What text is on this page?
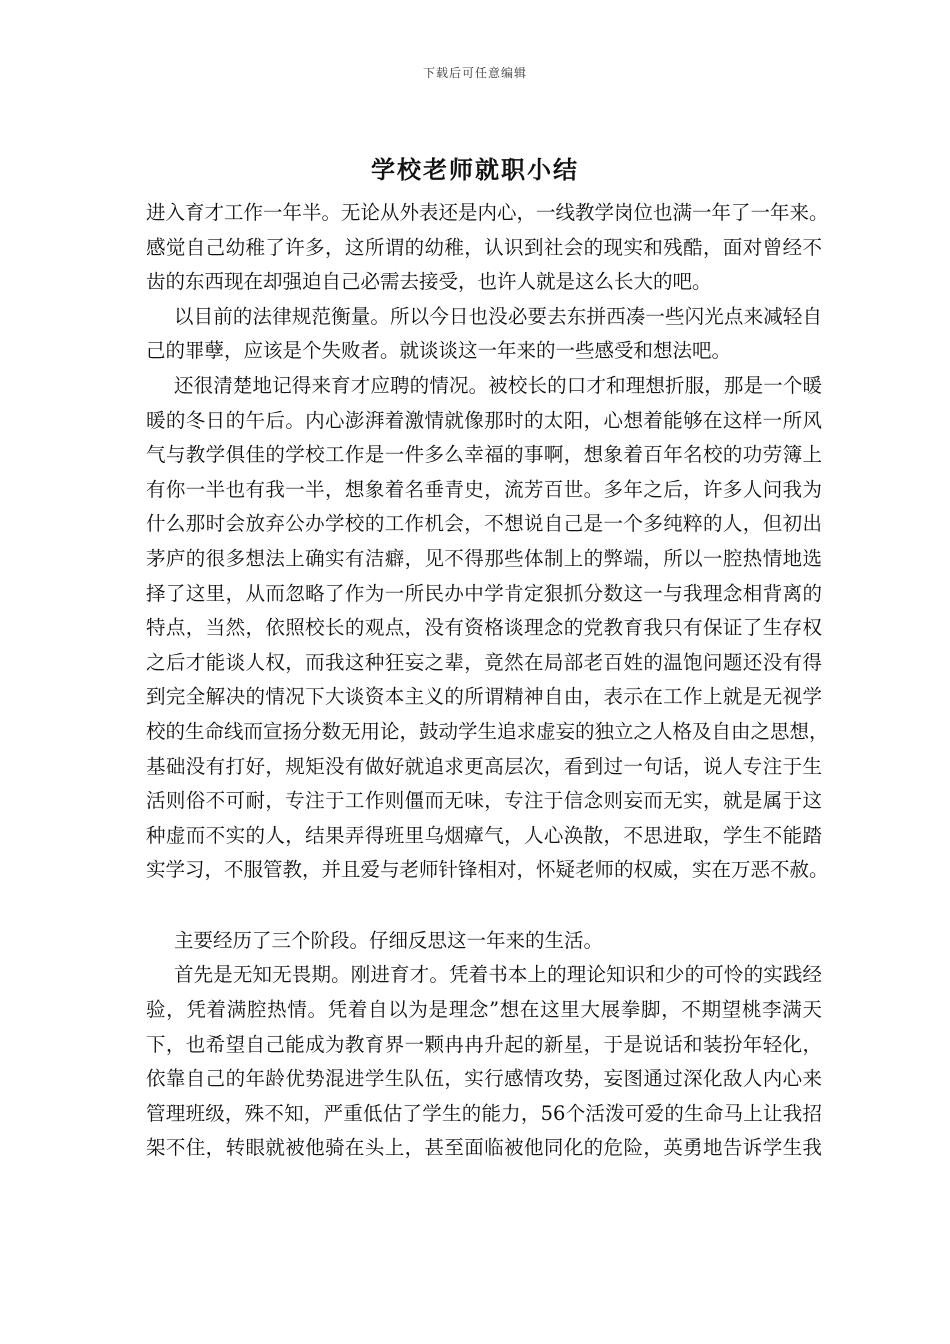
下载后可任意编辑
学校老师就职小结
进入育才工作一年半。无论从外表还是内心，一线教学岗位也满一年了一年来。
感觉自己幼稚了许多，这所谓的幼稚，认识到社会的现实和残酷，面对曾经不
齿的东西现在却强迫自己必需去接受，也许人就是这么长大的吧。
以目前的法律规范衡量。所以今日也没必要去东拼西凑一些闪光点来减轻自
己的罪孽，应该是个失败者。就谈谈这一年来的一些感受和想法吧。
还很清楚地记得来育才应聘的情况。被校长的口才和理想折服，那是一个暖
暖的冬日的午后。内心澎湃着激情就像那时的太阳，心想着能够在这样一所风
气与教学俱佳的学校工作是一件多么幸福的事啊，想象着百年名校的功劳簿上
有你一半也有我一半，想象着名垂青史，流芳百世。多年之后，许多人问我为
什么那时会放弃公办学校的工作机会，不想说自己是一个多纯粹的人，但初出
茅庐的很多想法上确实有洁癖，见不得那些体制上的弊端，所以一腔热情地选
择了这里，从而忽略了作为一所民办中学肯定狠抓分数这一与我理念相背离的
特点，当然，依照校长的观点，没有资格谈理念的党教育我只有保证了生存权
之后才能谈人权，而我这种狂妄之辈，竟然在局部老百姓的温饱问题还没有得
到完全解决的情况下大谈资本主义的所谓精神自由，表示在工作上就是无视学
校的生命线而宣扬分数无用论，鼓动学生追求虚妄的独立之人格及自由之思想，
基础没有打好，规矩没有做好就追求更高层次，看到过一句话，说人专注于生
活则俗不可耐，专注于工作则僵而无味，专注于信念则妄而无实，就是属于这
种虚而不实的人，结果弄得班里乌烟瘴气，人心涣散，不思进取，学生不能踏
实学习，不服管教，并且爱与老师针锋相对，怀疑老师的权威，实在万恶不赦。
主要经历了三个阶段。仔细反思这一年来的生活。
首先是无知无畏期。刚进育才。凭着书本上的理论知识和少的可怜的实践经
验，凭着满腔热情。凭着自以为是理念”想在这里大展拳脚，不期望桃李满天
下，也希望自己能成为教育界一颗冉冉升起的新星，于是说话和装扮年轻化，
依靠自己的年龄优势混进学生队伍，实行感情攻势，妄图通过深化敌人内心来
管理班级，殊不知，严重低估了学生的能力，56个活泼可爱的生命马上让我招
架不住，转眼就被他骑在头上，甚至面临被他同化的危险，英勇地告诉学生我
